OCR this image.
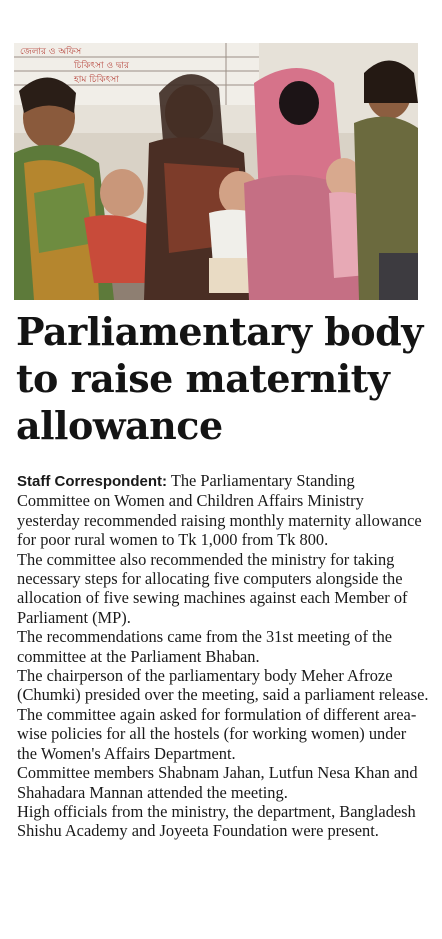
জেলার ও অফিস
চিকিৎসা ও দ্বার
হাম চিকিৎসা
Parliamentary body
to raise maternity
allowance

Staff Correspondent: The Parliamentary Standing Committee on Women and Children Affairs Ministry yesterday recommended raising monthly maternity allowance for poor rural women to Tk 1,000 from Tk 800.

The committee also recommended the ministry for taking necessary steps for allocating five computers alongside the allocation of five sewing machines against each Member of Parliament (MP).

The recommendations came from the 31st meeting of the committee at the Parliament Bhaban.

The chairperson of the parliamentary body Meher Afroze (Chumki) presided over the meeting, said a parliament release.

The committee again asked for formulation of different area-wise policies for all the hostels (for working women) under the Women's Affairs Department.

Committee members Shabnam Jahan, Lutfun Nesa Khan and Shahadara Mannan attended the meeting.

High officials from the ministry, the department, Bangladesh Shishu Academy and Joyeeta Foundation were present.
